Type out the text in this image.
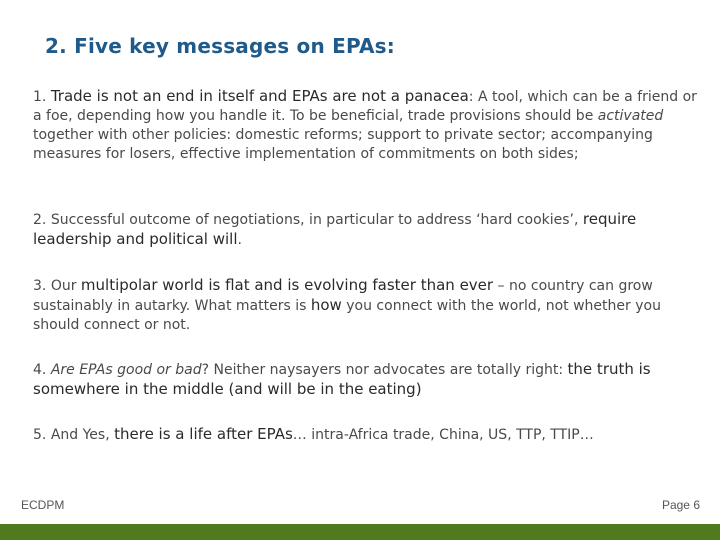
2. Five key messages on EPAs:
1. Trade is not an end in itself and EPAs are not a panacea: A tool, which can be a friend or a foe, depending how you handle it. To be beneficial, trade provisions should be activated together with other policies: domestic reforms; support to private sector; accompanying measures for losers, effective implementation of commitments on both sides;
2. Successful outcome of negotiations, in particular to address ‘hard cookies’, require leadership and political will.
3. Our multipolar world is flat and is evolving faster than ever – no country can grow sustainably in autarky. What matters is how you connect with the world, not whether you should connect or not.
4. Are EPAs good or bad? Neither naysayers nor advocates are totally right: the truth is somewhere in the middle (and will be in the eating)
5. And Yes, there is a life after EPAs… intra-Africa trade, China, US, TTP, TTIP…
ECDPM	Page 6
